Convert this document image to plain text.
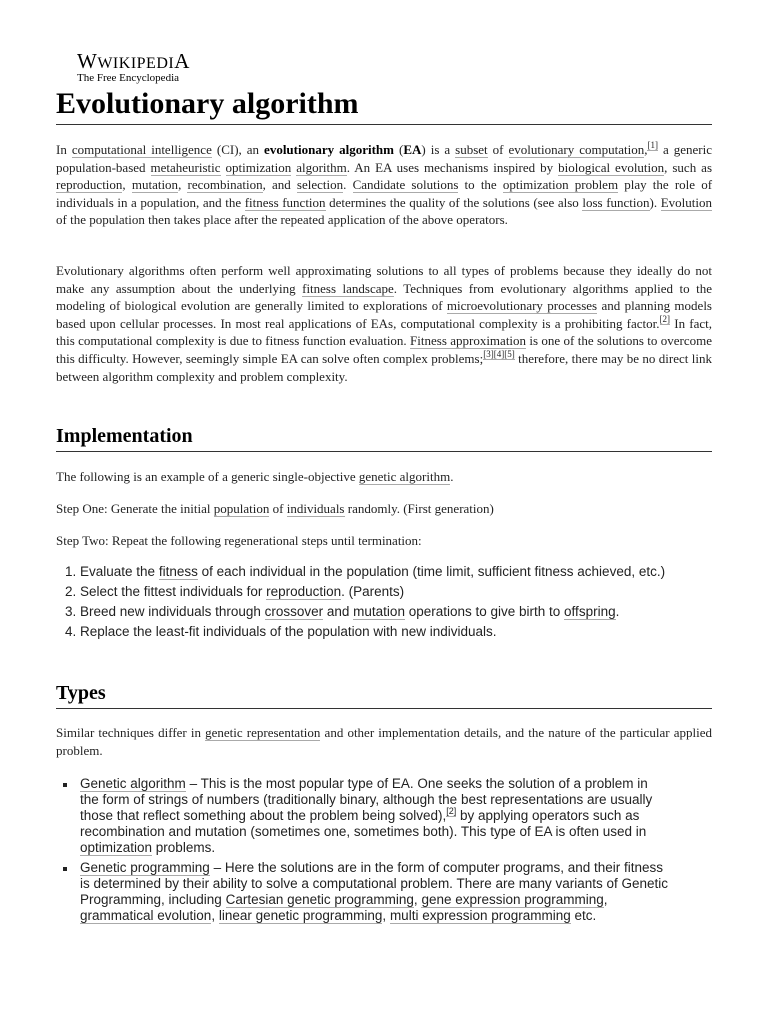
WWIKIPEDIA
The Free Encyclopedia
Evolutionary algorithm

In computational intelligence (CI), an evolutionary algorithm (EA) is a subset of evolutionary computation,[1] a generic population-based metaheuristic optimization algorithm. An EA uses mechanisms inspired by biological evolution, such as reproduction, mutation, recombination, and selection. Candidate solutions to the optimization problem play the role of individuals in a population, and the fitness function determines the quality of the solutions (see also loss function). Evolution of the population then takes place after the repeated application of the above operators.

Evolutionary algorithms often perform well approximating solutions to all types of problems because they ideally do not make any assumption about the underlying fitness landscape. Techniques from evolutionary algorithms applied to the modeling of biological evolution are generally limited to explorations of microevolutionary processes and planning models based upon cellular processes. In most real applications of EAs, computational complexity is a prohibiting factor.[2] In fact, this computational complexity is due to fitness function evaluation. Fitness approximation is one of the solutions to overcome this difficulty. However, seemingly simple EA can solve often complex problems;[3][4][5] therefore, there may be no direct link between algorithm complexity and problem complexity.

Implementation

The following is an example of a generic single-objective genetic algorithm.

Step One: Generate the initial population of individuals randomly. (First generation)

Step Two: Repeat the following regenerational steps until termination:

1. Evaluate the fitness of each individual in the population (time limit, sufficient fitness achieved, etc.)
2. Select the fittest individuals for reproduction. (Parents)
3. Breed new individuals through crossover and mutation operations to give birth to offspring.
4. Replace the least-fit individuals of the population with new individuals.
Types

Similar techniques differ in genetic representation and other implementation details, and the nature of the particular applied problem.

Genetic algorithm – This is the most popular type of EA. One seeks the solution of a problem in the form of strings of numbers (traditionally binary, although the best representations are usually those that reflect something about the problem being solved),[2] by applying operators such as recombination and mutation (sometimes one, sometimes both). This type of EA is often used in optimization problems.
Genetic programming – Here the solutions are in the form of computer programs, and their fitness is determined by their ability to solve a computational problem. There are many variants of Genetic Programming, including Cartesian genetic programming, gene expression programming, grammatical evolution, linear genetic programming, multi expression programming etc.
